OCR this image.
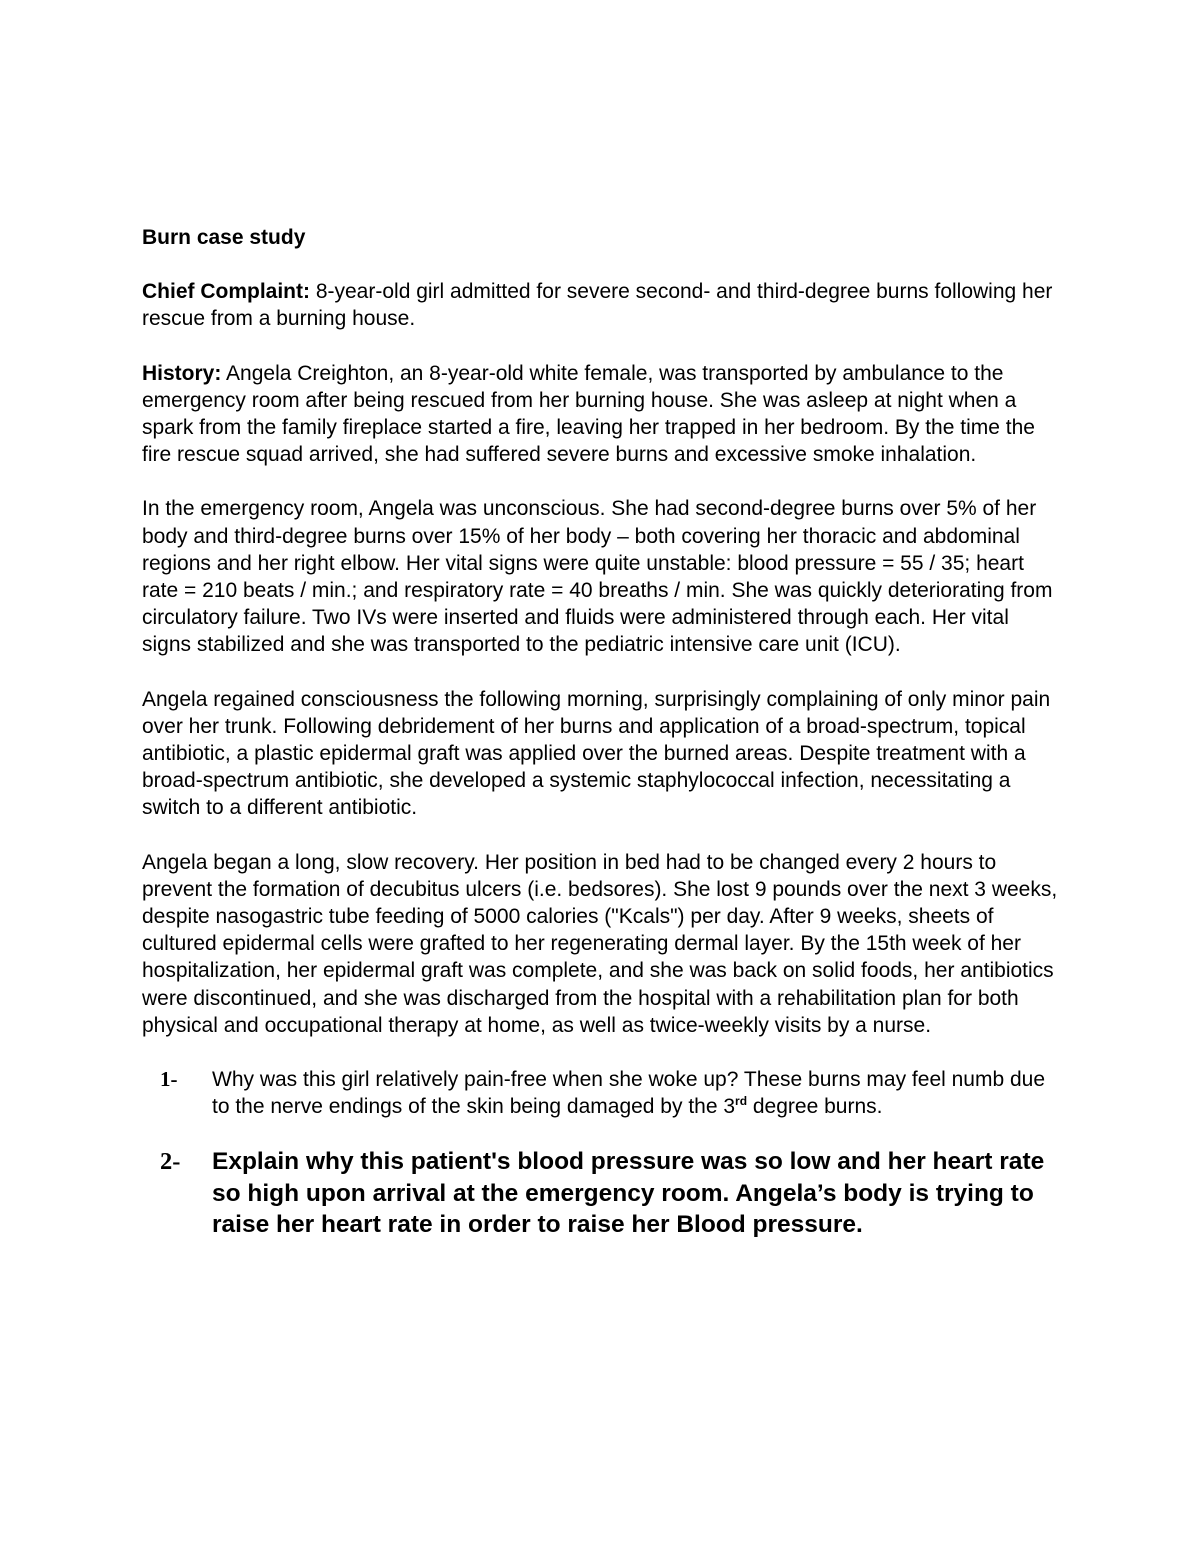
Burn case study

Chief Complaint: 8-year-old girl admitted for severe second- and third-degree burns following her rescue from a burning house.

History: Angela Creighton, an 8-year-old white female, was transported by ambulance to the emergency room after being rescued from her burning house. She was asleep at night when a spark from the family fireplace started a fire, leaving her trapped in her bedroom. By the time the fire rescue squad arrived, she had suffered severe burns and excessive smoke inhalation.

In the emergency room, Angela was unconscious. She had second-degree burns over 5% of her body and third-degree burns over 15% of her body – both covering her thoracic and abdominal regions and her right elbow. Her vital signs were quite unstable: blood pressure = 55 / 35; heart rate = 210 beats / min.; and respiratory rate = 40 breaths / min. She was quickly deteriorating from circulatory failure. Two IVs were inserted and fluids were administered through each. Her vital signs stabilized and she was transported to the pediatric intensive care unit (ICU).

Angela regained consciousness the following morning, surprisingly complaining of only minor pain over her trunk. Following debridement of her burns and application of a broad-spectrum, topical antibiotic, a plastic epidermal graft was applied over the burned areas. Despite treatment with a broad-spectrum antibiotic, she developed a systemic staphylococcal infection, necessitating a switch to a different antibiotic.

Angela began a long, slow recovery. Her position in bed had to be changed every 2 hours to prevent the formation of decubitus ulcers (i.e. bedsores). She lost 9 pounds over the next 3 weeks, despite nasogastric tube feeding of 5000 calories ("Kcals") per day. After 9 weeks, sheets of cultured epidermal cells were grafted to her regenerating dermal layer. By the 15th week of her hospitalization, her epidermal graft was complete, and she was back on solid foods, her antibiotics were discontinued, and she was discharged from the hospital with a rehabilitation plan for both physical and occupational therapy at home, as well as twice-weekly visits by a nurse.

1- Why was this girl relatively pain-free when she woke up? These burns may feel numb due to the nerve endings of the skin being damaged by the 3rd degree burns.
2- Explain why this patient's blood pressure was so low and her heart rate so high upon arrival at the emergency room. Angela’s body is trying to raise her heart rate in order to raise her Blood pressure.
